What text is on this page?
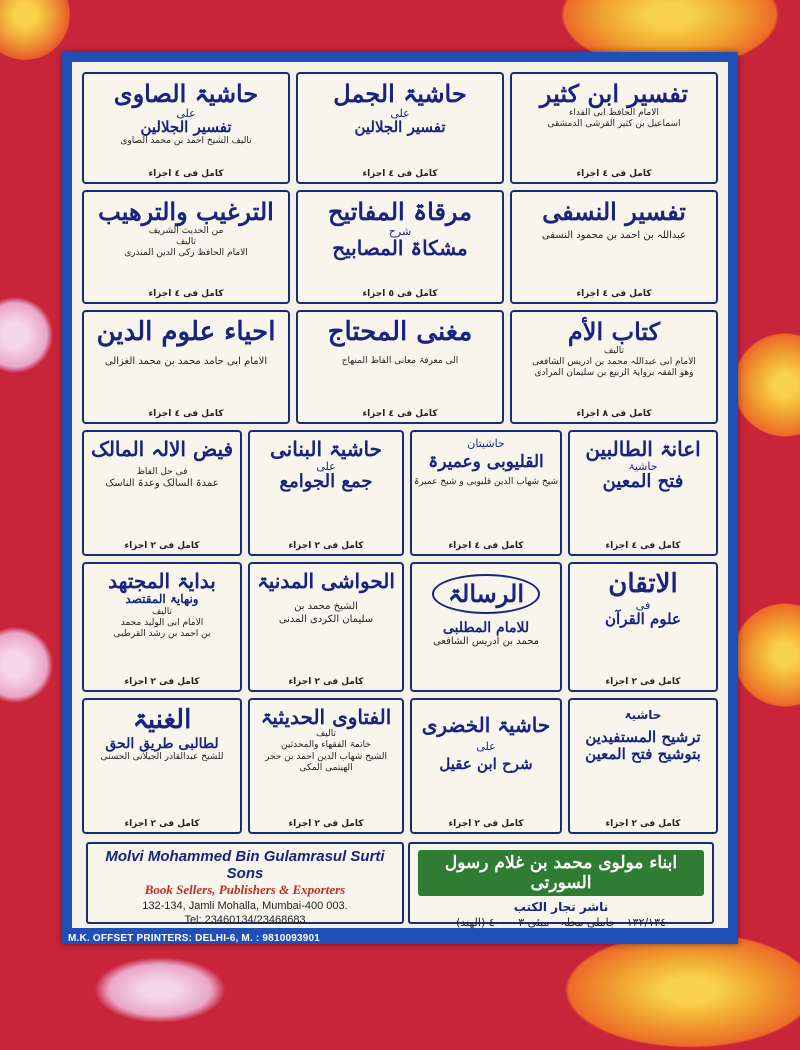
تفسیر ابن کثیر
الامام الحافظ ابی الفداء
اسماعیل بن کثیر القرشی الدمشقی
کامل فی ٤ اجزاء
حاشیۃ الجمل
علی
تفسیر الجلالین
کامل فی ٤ اجزاء
حاشیۃ الصاوی
علی
تفسیر الجلالین
تالیف الشیخ احمد بن محمد الصاوی
کامل فی ٤ اجزاء
تفسیر النسفی
عبداللہ بن احمد بن محمود النسفی
کامل فی ٤ اجزاء
مرقاۃ المفاتیح
شرح
مشکاۃ المصابیح
کامل فی ٥ اجزاء
الترغیب والترھیب
من الحدیث الشریف
تالیف
الامام الحافظ زکی الدین المنذری
کامل فی ٤ اجزاء
کتاب الأم
تالیف
الامام ابی عبداللہ محمد بن ادریس الشافعی
وھو الفقہ بروایۃ الربیع بن سلیمان المرادی
کامل فی ٨ اجزاء
مغنی المحتاج
الی معرفۃ معانی الفاظ المنھاج
کامل فی ٤ اجزاء
احیاء علوم الدین
الامام ابی حامد محمد بن محمد الغزالی
کامل فی ٤ اجزاء
اعانۃ الطالبین
حاشیۃ
فتح المعین
کامل فی ٤ اجزاء
حاشیتان
القلیوبی وعمیرۃ
شیخ شھاب الدین قلیوبی و شیخ عمیرۃ
کامل فی ٤ اجزاء
حاشیۃ البنانی
علی
جمع الجوامع
کامل فی ٢ اجزاء
فیض الالہ المالک
فی حل الفاظ
عمدۃ السالک وعدۃ الناسک
کامل فی ٢ اجزاء
الاتقان
فی
علوم القرآن
کامل فی ٢ اجزاء
الرسالۃ
للامام المطلبی
محمد بن ادریس الشافعی
الحواشی المدنیۃ
الشیخ محمد بن
سلیمان الکردی المدنی
کامل فی ٢ اجزاء
بدایۃ المجتھد
ونھایۃ المقتصد
تالیف
الامام ابی الولید محمد
بن احمد بن رشد القرطبی
کامل فی ٢ اجزاء
حاشیۃ
ترشیح المستفیدین بتوشیح فتح المعین
کامل فی ٢ اجزاء
حاشیۃ الخضری
علی
شرح ابن عقیل
کامل فی ٢ اجزاء
الفتاوی الحدیثیۃ
تالیف
خاتمۃ الفقھاء والمحدثین
الشیخ شھاب الدین احمد بن حجر
الھیتمی المکی
کامل فی ٢ اجزاء
الغنیۃ
لطالبی طریق الحق
للشیخ عبدالقادر الجیلانی الحسنی
کامل فی ٢ اجزاء
Molvi Mohammed Bin Gulamrasul Surti Sons
Book Sellers, Publishers & Exporters
132-134, Jamli Mohalla, Mumbai-400 003.
Tel: 23460134/23468683
ابناء مولوی محمد بن غلام رسول السورتی
ناشر تجار الکتب
١٣٢/١٣٤ - جاملی محلہ - مبئی ٤٠٠٠٠٣ (الھند)
M.K. OFFSET PRINTERS: DELHI-6, M. : 9810093901
